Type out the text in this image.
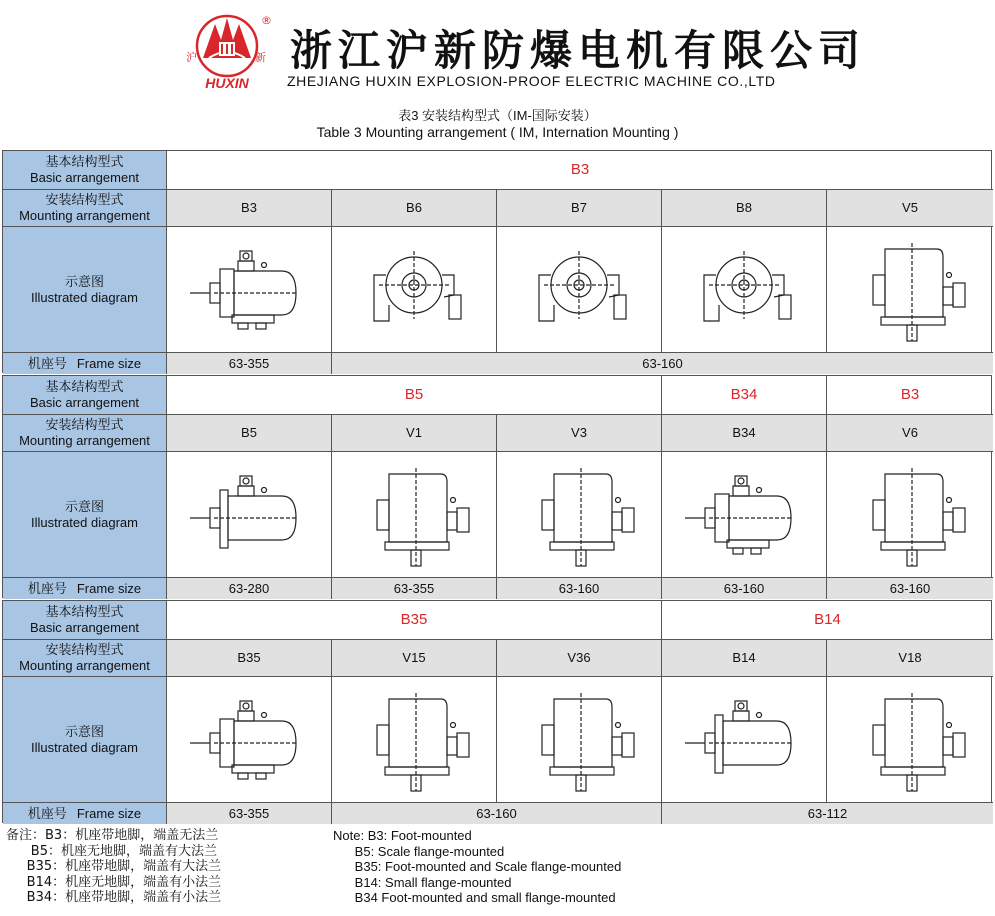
沪	新
®
HUXIN
浙江沪新防爆电机有限公司
ZHEJIANG HUXIN EXPLOSION-PROOF ELECTRIC MACHINE CO.,LTD
表3 安装结构型式（IM-国际安装）
Table 3 Mounting arrangement ( IM, Internation Mounting )
基本结构型式
Basic arrangement	B3
安装结构型式
Mounting arrangement
B3	B6	B7	B8	V5
示意图
Illustrated diagram
机座号 Frame size	63-355	63-160
基本结构型式
Basic arrangement	B5	B34	B3
安装结构型式
Mounting arrangement
B5	V1	V3	B34	V6
示意图
Illustrated diagram
机座号 Frame size	63-280	63-355	63-160	63-160	63-160
基本结构型式
Basic arrangement	B35	B14
安装结构型式
Mounting arrangement
B35	V15	V36	B14	V18
示意图
Illustrated diagram
机座号 Frame size	63-355	63-160	63-112
备注：B3：机座带地脚，端盖无法兰
B5：机座无地脚，端盖有大法兰
B35：机座带地脚，端盖有大法兰
B14：机座无地脚，端盖有小法兰
B34：机座带地脚，端盖有小法兰
Note: B3: Foot-mounted
B5: Scale flange-mounted
B35: Foot-mounted and Scale flange-mounted
B14: Small flange-mounted
B34 Foot-mounted and small flange-mounted
